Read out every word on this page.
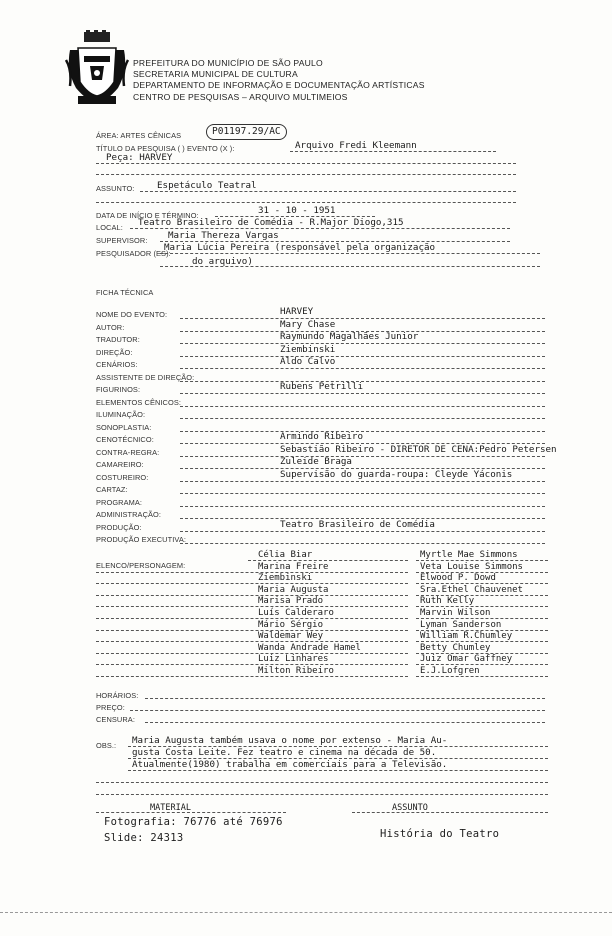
PREFEITURA DO MUNICÍPIO DE SÃO PAULO
SECRETARIA MUNICIPAL DE CULTURA
DEPARTAMENTO DE INFORMAÇÃO E DOCUMENTAÇÃO ARTÍSTICAS
CENTRO DE PESQUISAS – ARQUIVO MULTIMEIOS
ÁREA: ARTES CÊNICAS	P01197.29/AC
TÍTULO DA PESQUISA ( ) EVENTO (X ):	Arquivo Fredi Kleemann
Peça: HARVEY
ASSUNTO: Espetáculo Teatral
DATA DE INÍCIO E TÉRMINO:	31 - 10 - 1951
LOCAL: Teatro Brasileiro de Comédia - R.Major Diogo,315
SUPERVISOR: Maria Thereza Vargas
PESQUISADOR (ES):
Maria Lúcia Pereira (responsável pela organização
do arquivo)
FICHA TÉCNICA
NOME DO EVENTO:	HARVEY
AUTOR:	Mary Chase
TRADUTOR:	Raymundo Magalhães Junior
DIREÇÃO:	Ziembinski
CENÁRIOS:	Aldo Calvo
ASSISTENTE DE DIREÇÃO:
FIGURINOS:	Rubens Petrilli
ELEMENTOS CÊNICOS:
ILUMINAÇÃO:
SONOPLASTIA:
CENOTÉCNICO:	Armindo Ribeiro
CONTRA-REGRA:	Sebastião Ribeiro - DIRETOR DE CENA:Pedro Petersen
CAMAREIRO:	Zuleide Braga
COSTUREIRO:	Supervisão do guarda-roupa: Cleyde Yáconis
CARTAZ:
PROGRAMA:
ADMINISTRAÇÃO:
PRODUÇÃO:	Teatro Brasileiro de Comédia
PRODUÇÃO EXECUTIVA:
ELENCO/PERSONAGEM:
Célia Biar	Myrtle Mae Simmons
Marina Freire	Veta Louise Simmons
Ziembinski	Elwood P. Dowd
Maria Augusta	Sra.Ethel Chauvenet
Marisa Prado	Ruth Kelly
Luís Calderaro	Marvin Wilson
Mário Sérgio	Lyman Sanderson
Waldemar Wey	William R.Chumley
Wanda Andrade Hamel	Betty Chumley
Luiz Linhares	Juiz Omar Gaffney
Milton Ribeiro	E.J.Lofgren
HORÁRIOS:
PREÇO:
CENSURA:
OBS.: Maria Augusta também usava o nome por extenso - Maria Au-
gusta Costa Leite. Fez teatro e cinema na década de 50.
Atualmente(1980) trabalha em comerciais para a Televisão.
MATERIAL	ASSUNTO
Fotografia: 76776 até 76976
Slide: 24313	História do Teatro
